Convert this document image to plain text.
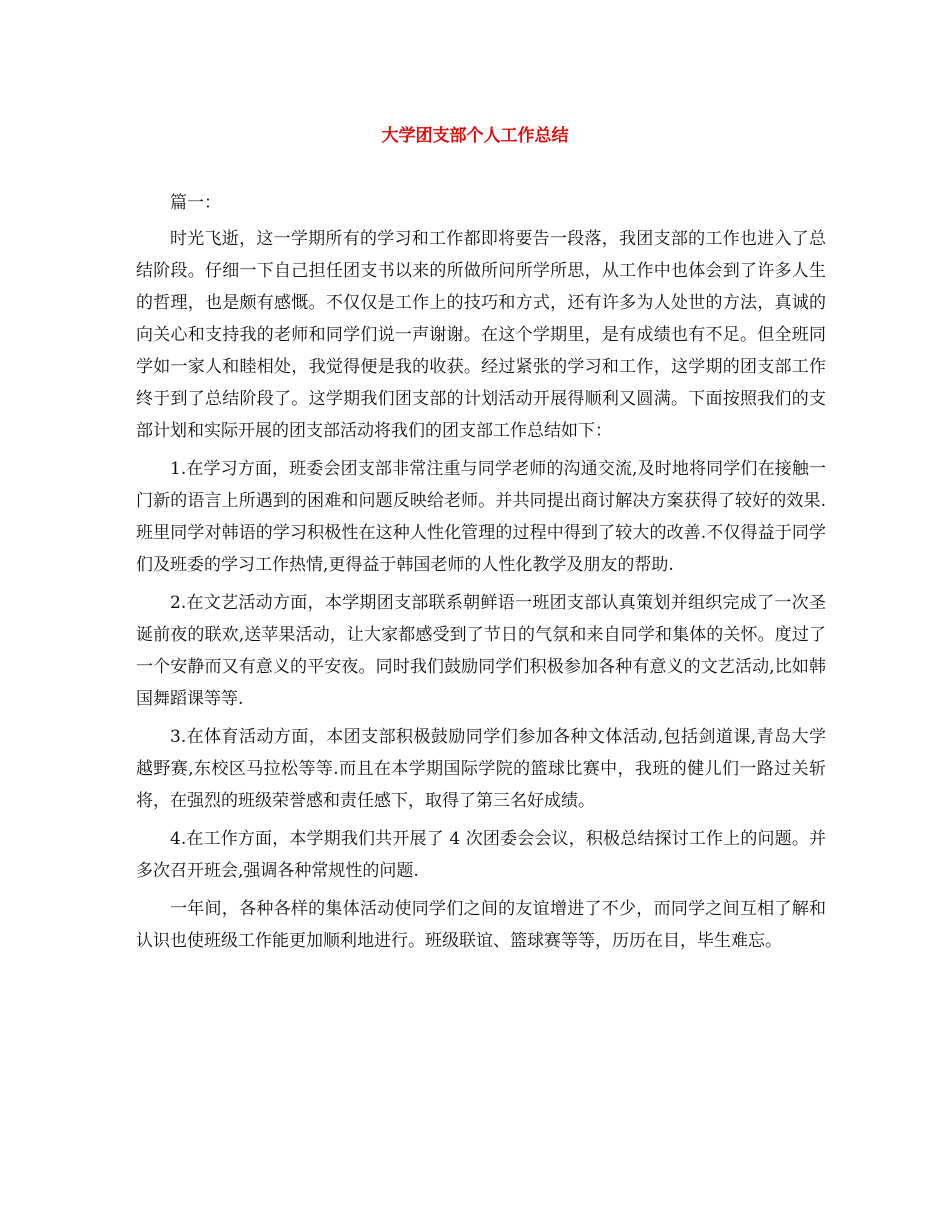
大学团支部个人工作总结

篇一：

时光飞逝，这一学期所有的学习和工作都即将要告一段落，我团支部的工作也进入了总结阶段。仔细一下自己担任团支书以来的所做所问所学所思，从工作中也体会到了许多人生的哲理，也是颇有感慨。不仅仅是工作上的技巧和方式，还有许多为人处世的方法，真诚的向关心和支持我的老师和同学们说一声谢谢。在这个学期里，是有成绩也有不足。但全班同学如一家人和睦相处，我觉得便是我的收获。经过紧张的学习和工作，这学期的团支部工作终于到了总结阶段了。这学期我们团支部的计划活动开展得顺利又圆满。下面按照我们的支部计划和实际开展的团支部活动将我们的团支部工作总结如下：

1.在学习方面，班委会团支部非常注重与同学老师的沟通交流,及时地将同学们在接触一门新的语言上所遇到的困难和问题反映给老师。并共同提出商讨解决方案获得了较好的效果.班里同学对韩语的学习积极性在这种人性化管理的过程中得到了较大的改善.不仅得益于同学们及班委的学习工作热情,更得益于韩国老师的人性化教学及朋友的帮助.

2.在文艺活动方面，本学期团支部联系朝鲜语一班团支部认真策划并组织完成了一次圣诞前夜的联欢,送苹果活动，让大家都感受到了节日的气氛和来自同学和集体的关怀。度过了一个安静而又有意义的平安夜。同时我们鼓励同学们积极参加各种有意义的文艺活动,比如韩国舞蹈课等等.

3.在体育活动方面，本团支部积极鼓励同学们参加各种文体活动,包括剑道课,青岛大学越野赛,东校区马拉松等等.而且在本学期国际学院的篮球比赛中，我班的健儿们一路过关斩将，在强烈的班级荣誉感和责任感下，取得了第三名好成绩。

4.在工作方面，本学期我们共开展了 4 次团委会会议，积极总结探讨工作上的问题。并多次召开班会,强调各种常规性的问题.

一年间，各种各样的集体活动使同学们之间的友谊增进了不少，而同学之间互相了解和认识也使班级工作能更加顺利地进行。班级联谊、篮球赛等等，历历在目，毕生难忘。
